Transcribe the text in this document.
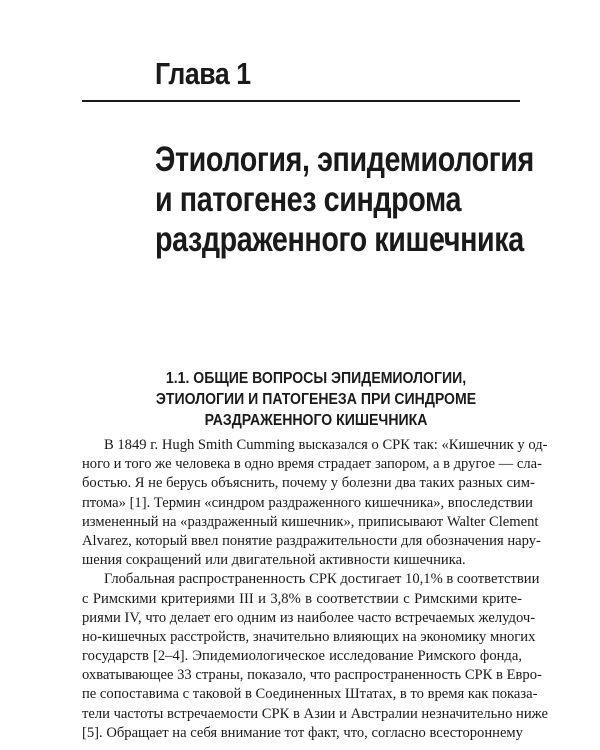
Глава 1
Этиология, эпидемиология
и патогенез синдрома
раздраженного кишечника
1.1. ОБЩИЕ ВОПРОСЫ ЭПИДЕМИОЛОГИИ,
ЭТИОЛОГИИ И ПАТОГЕНЕЗА ПРИ СИНДРОМЕ
РАЗДРАЖЕННОГО КИШЕЧНИКА
В 1849 г. Hugh Smith Cumming высказался о СРК так: «Кишечник у од-
ного и того же человека в одно время страдает запором, а в другое — сла-
бостью. Я не берусь объяснить, почему у болезни два таких разных сим-
птома» [1]. Термин «синдром раздраженного кишечника», впоследствии
измененный на «раздраженный кишечник», приписывают Walter Clement
Alvarez, который ввел понятие раздражительности для обозначения нару-
шения сокращений или двигательной активности кишечника.
Глобальная распространенность СРК достигает 10,1% в соответствии
с Римскими критериями III и 3,8% в соответствии с Римскими крите-
риями IV, что делает его одним из наиболее часто встречаемых желудоч-
но-кишечных расстройств, значительно влияющих на экономику многих
государств [2–4]. Эпидемиологическое исследование Римского фонда,
охватывающее 33 страны, показало, что распространенность СРК в Евро-
пе сопоставима с таковой в Соединенных Штатах, в то время как показа-
тели частоты встречаемости СРК в Азии и Австралии незначительно ниже
[5]. Обращает на себя внимание тот факт, что, согласно всестороннему
